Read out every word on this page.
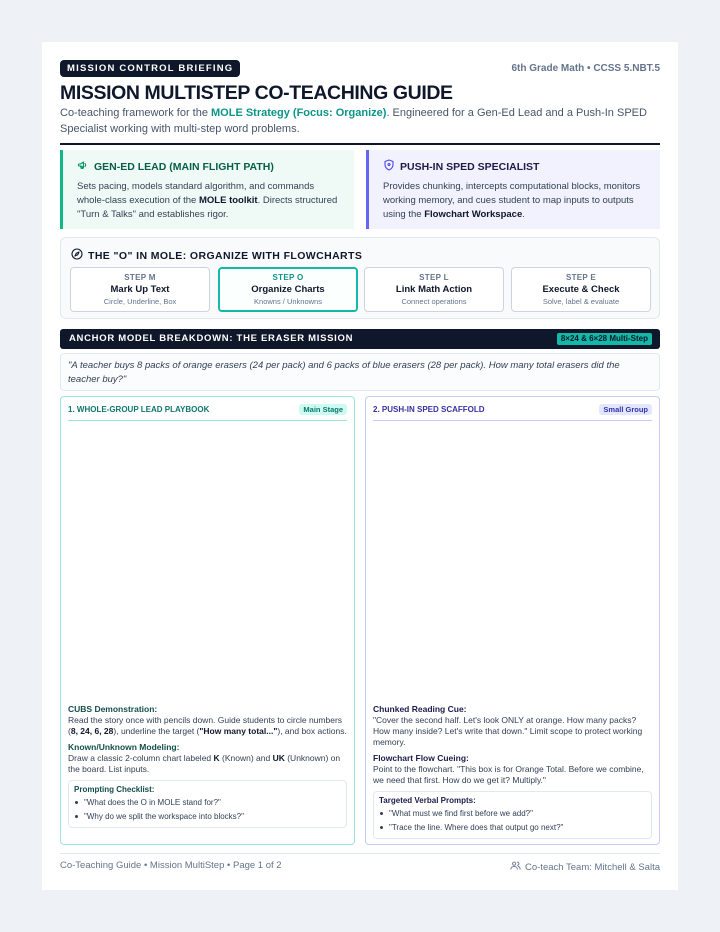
MISSION CONTROL BRIEFING	6th Grade Math • CCSS 5.NBT.5
MISSION MULTISTEP CO-TEACHING GUIDE
Co-teaching framework for the MOLE Strategy (Focus: Organize). Engineered for a Gen-Ed Lead and a Push-In SPED Specialist working with multi-step word problems.
GEN-ED LEAD (MAIN FLIGHT PATH)
Sets pacing, models standard algorithm, and commands whole-class execution of the MOLE toolkit. Directs structured "Turn & Talks" and establishes rigor.
PUSH-IN SPED SPECIALIST
Provides chunking, intercepts computational blocks, monitors working memory, and cues student to map inputs to outputs using the Flowchart Workspace.
THE "O" IN MOLE: ORGANIZE WITH FLOWCHARTS
STEP M
Mark Up Text
Circle, Underline, Box
STEP O
Organize Charts
Knowns / Unknowns
STEP L
Link Math Action
Connect operations
STEP E
Execute & Check
Solve, label & evaluate
ANCHOR MODEL BREAKDOWN: THE ERASER MISSION	8×24 & 6×28 Multi-Step
"A teacher buys 8 packs of orange erasers (24 per pack) and 6 packs of blue erasers (28 per pack). How many total erasers did the teacher buy?"
1. WHOLE-GROUP LEAD PLAYBOOK	Main Stage
CUBS Demonstration:
Read the story once with pencils down. Guide students to circle numbers (8, 24, 6, 28), underline the target ("How many total..."), and box actions.
Known/Unknown Modeling:
Draw a classic 2-column chart labeled K (Known) and UK (Unknown) on the board. List inputs.
Prompting Checklist:
"What does the O in MOLE stand for?"
"Why do we split the workspace into blocks?"
2. PUSH-IN SPED SCAFFOLD	Small Group
Chunked Reading Cue:
"Cover the second half. Let's look ONLY at orange. How many packs? How many inside? Let's write that down." Limit scope to protect working memory.
Flowchart Flow Cueing:
Point to the flowchart. "This box is for Orange Total. Before we combine, we need that first. How do we get it? Multiply."
Targeted Verbal Prompts:
"What must we find first before we add?"
"Trace the line. Where does that output go next?"
Co-Teaching Guide • Mission MultiStep • Page 1 of 2	Co-teach Team: Mitchell & Salta
